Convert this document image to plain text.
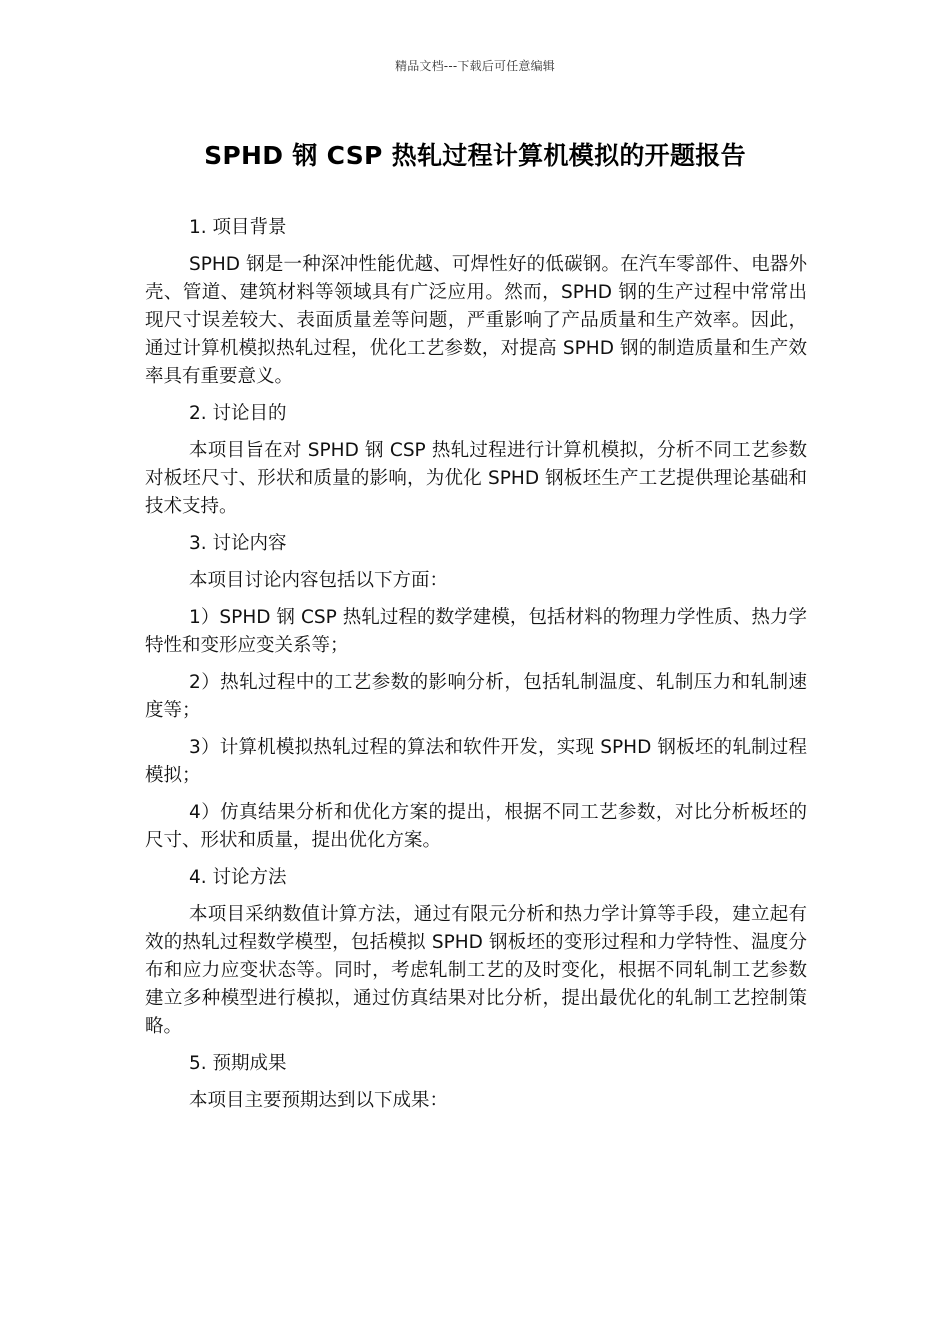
精品文档---下载后可任意编辑
SPHD 钢 CSP 热轧过程计算机模拟的开题报告

1. 项目背景

SPHD 钢是一种深冲性能优越、可焊性好的低碳钢。在汽车零部件、电器外壳、管道、建筑材料等领域具有广泛应用。然而，SPHD 钢的生产过程中常常出现尺寸误差较大、表面质量差等问题，严重影响了产品质量和生产效率。因此，通过计算机模拟热轧过程，优化工艺参数，对提高 SPHD 钢的制造质量和生产效率具有重要意义。

2. 讨论目的

本项目旨在对 SPHD 钢 CSP 热轧过程进行计算机模拟，分析不同工艺参数对板坯尺寸、形状和质量的影响，为优化 SPHD 钢板坯生产工艺提供理论基础和技术支持。

3. 讨论内容

本项目讨论内容包括以下方面：

1）SPHD 钢 CSP 热轧过程的数学建模，包括材料的物理力学性质、热力学特性和变形应变关系等；

2）热轧过程中的工艺参数的影响分析，包括轧制温度、轧制压力和轧制速度等；

3）计算机模拟热轧过程的算法和软件开发，实现 SPHD 钢板坯的轧制过程模拟；

4）仿真结果分析和优化方案的提出，根据不同工艺参数，对比分析板坯的尺寸、形状和质量，提出优化方案。

4. 讨论方法

本项目采纳数值计算方法，通过有限元分析和热力学计算等手段，建立起有效的热轧过程数学模型，包括模拟 SPHD 钢板坯的变形过程和力学特性、温度分布和应力应变状态等。同时，考虑轧制工艺的及时变化，根据不同轧制工艺参数建立多种模型进行模拟，通过仿真结果对比分析，提出最优化的轧制工艺控制策略。

5. 预期成果

本项目主要预期达到以下成果：
